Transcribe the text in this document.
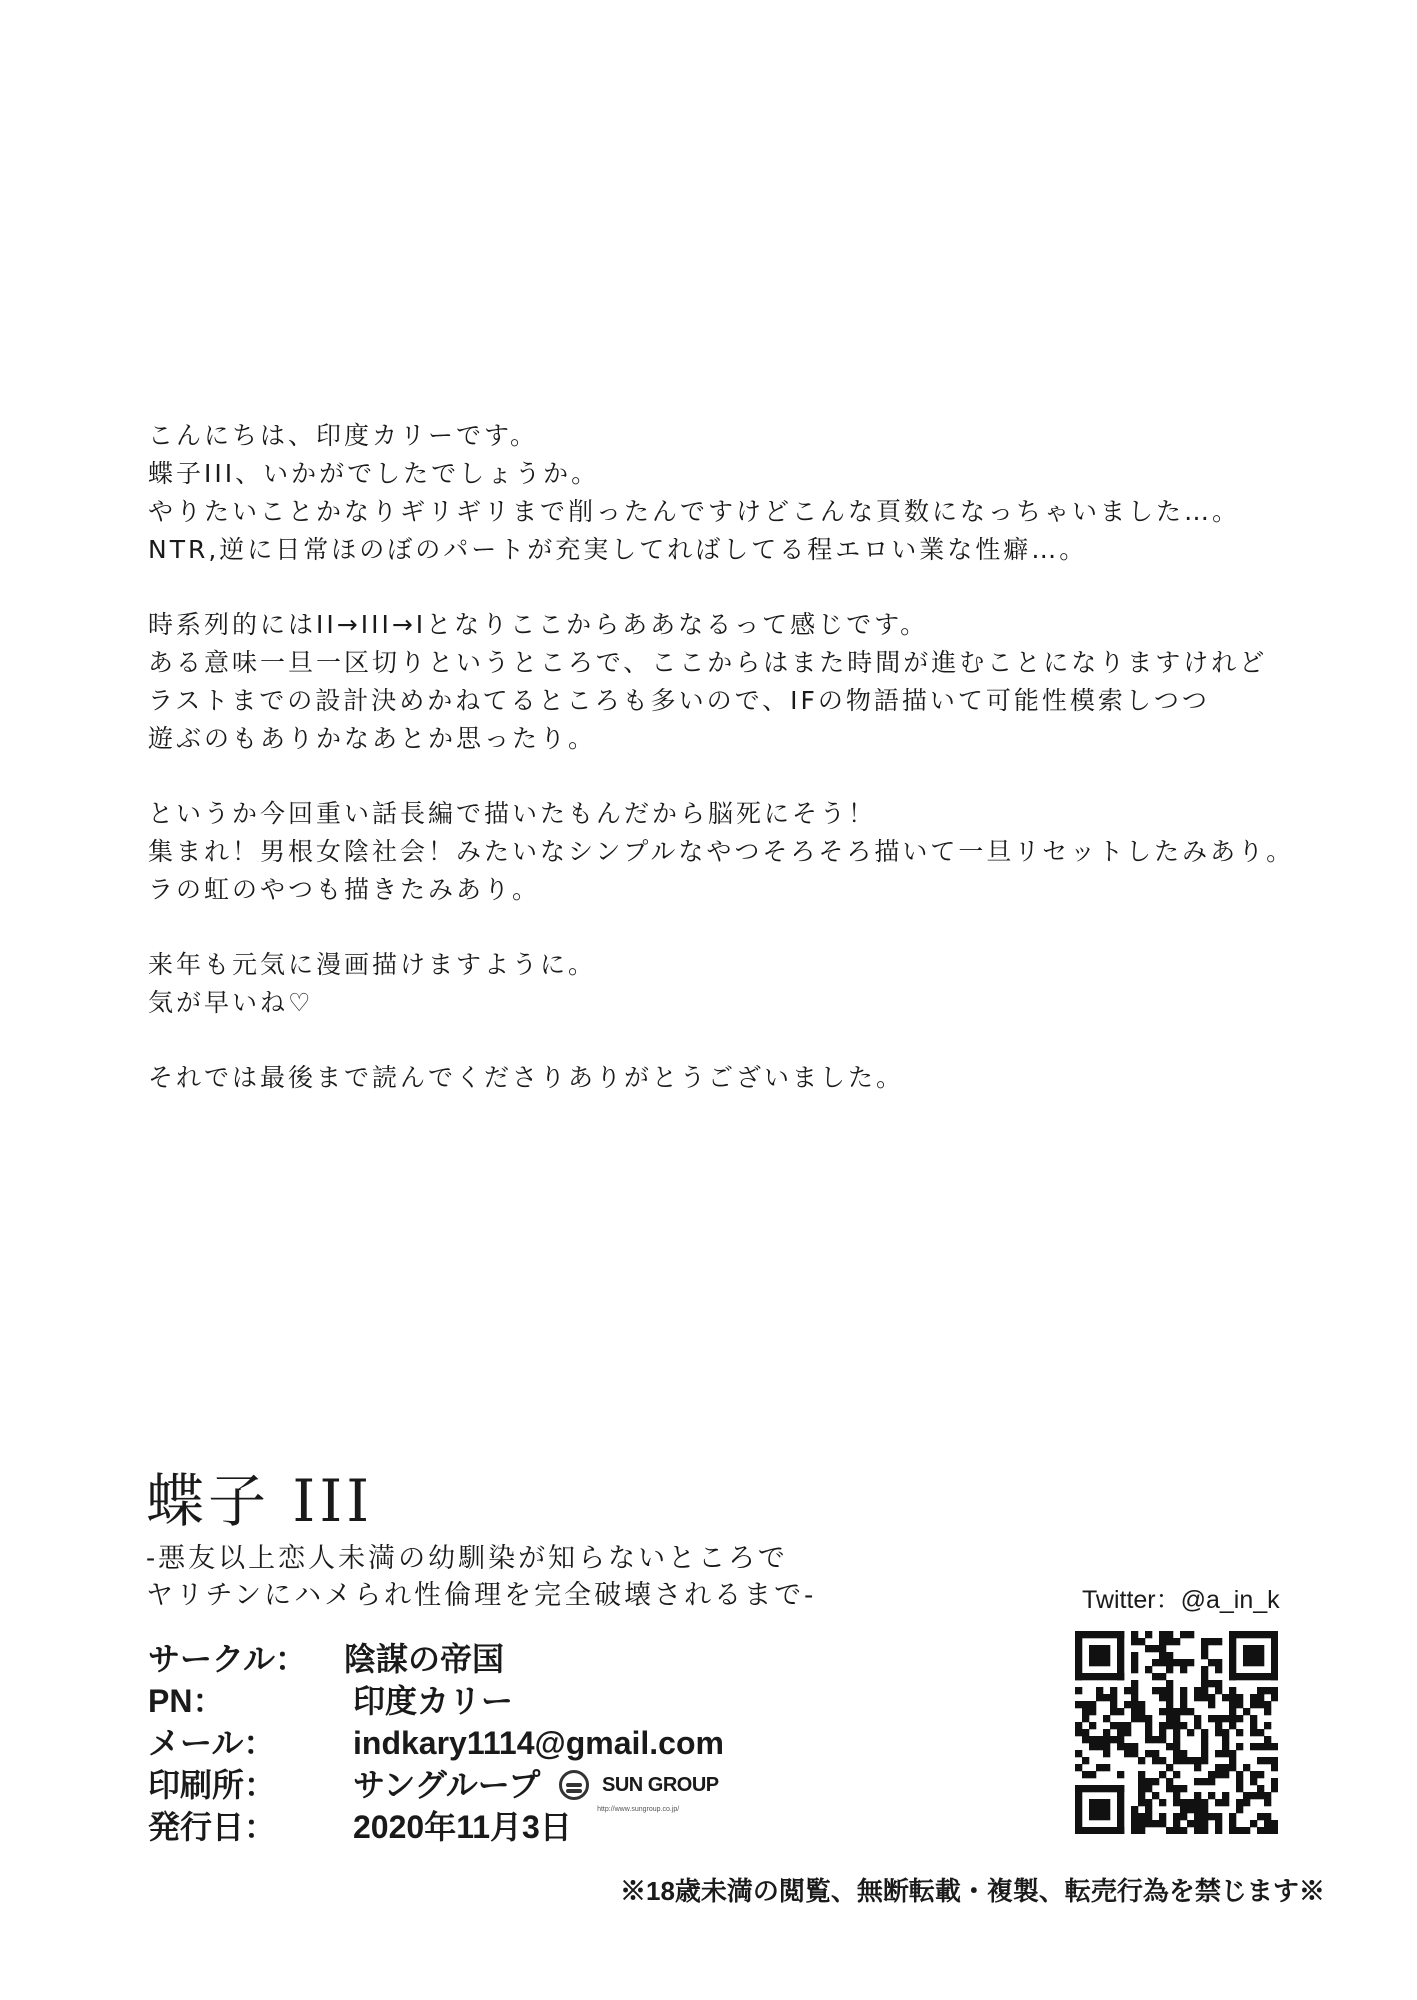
こんにちは、印度カリーです。
蝶子III、いかがでしたでしょうか。
やりたいことかなりギリギリまで削ったんですけどこんな頁数になっちゃいました…。
NTR,逆に日常ほのぼのパートが充実してればしてる程エロい業な性癖…。
時系列的にはII→III→Iとなりここからああなるって感じです。
ある意味一旦一区切りというところで、ここからはまた時間が進むことになりますけれど
ラストまでの設計決めかねてるところも多いので、IFの物語描いて可能性模索しつつ
遊ぶのもありかなあとか思ったり。
というか今回重い話長編で描いたもんだから脳死にそう！
集まれ！男根女陰社会！みたいなシンプルなやつそろそろ描いて一旦リセットしたみあり。
ラの虹のやつも描きたみあり。
来年も元気に漫画描けますように。
気が早いね♡
それでは最後まで読んでくださりありがとうございました。
蝶子 III
-悪友以上恋人未満の幼馴染が知らないところで
ヤリチンにハメられ性倫理を完全破壊されるまで-	Twitter：@a_in_k
サークル： 陰謀の帝国
PN：	印度カリー
メール： indkary1114@gmail.com
印刷所： サングループ	SUN GROUP
http://www.sungroup.co.jp/
発行日： 2020年11月3日
※18歳未満の閲覧、無断転載・複製、転売行為を禁じます※
